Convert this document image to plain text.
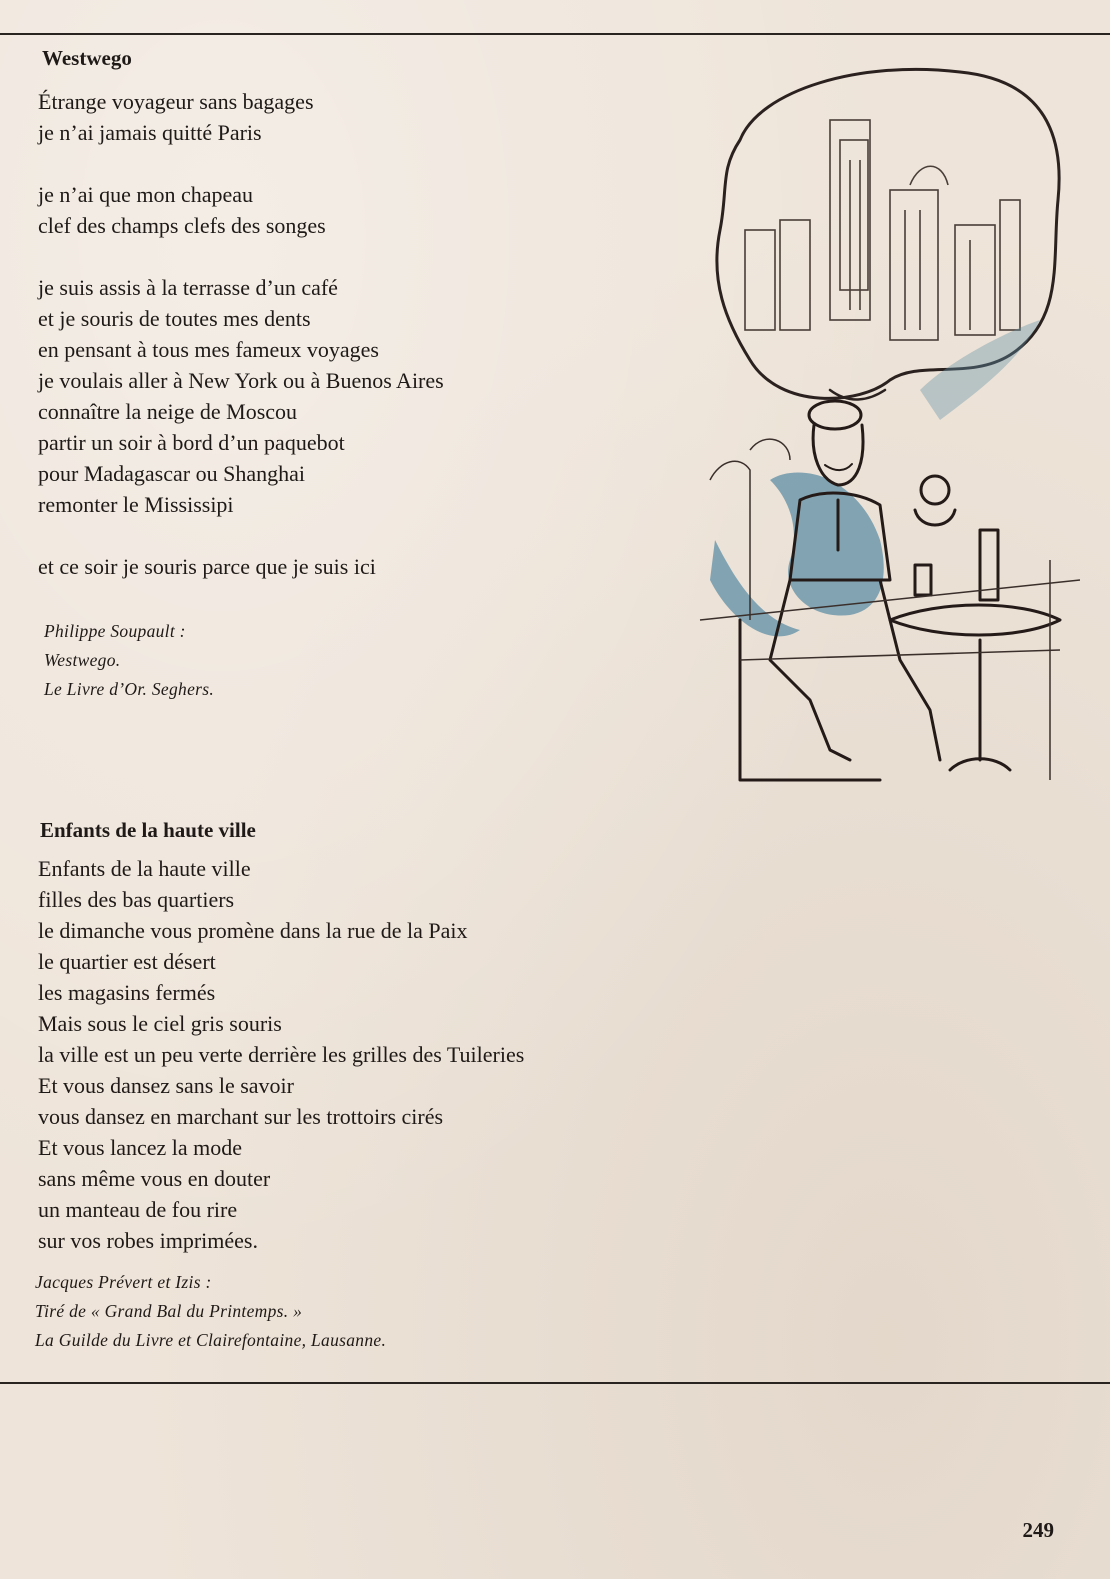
Westwego
Étrange voyageur sans bagages
je n’ai jamais quitté Paris
je n’ai que mon chapeau
clef des champs clefs des songes
je suis assis à la terrasse d’un café
et je souris de toutes mes dents
en pensant à tous mes fameux voyages
je voulais aller à New York ou à Buenos Aires
connaître la neige de Moscou
partir un soir à bord d’un paquebot
pour Madagascar ou Shanghai
remonter le Mississipi
et ce soir je souris parce que je suis ici
Philippe Soupault :
Westwego.
Le Livre d’Or. Seghers.
Enfants de la haute ville
Enfants de la haute ville
filles des bas quartiers
le dimanche vous promène dans la rue de la Paix
le quartier est désert
les magasins fermés
Mais sous le ciel gris souris
la ville est un peu verte derrière les grilles des Tuileries
Et vous dansez sans le savoir
vous dansez en marchant sur les trottoirs cirés
Et vous lancez la mode
sans même vous en douter
un manteau de fou rire
sur vos robes imprimées.
Jacques Prévert et Izis :
Tiré de « Grand Bal du Printemps. »
La Guilde du Livre et Clairefontaine, Lausanne.
249
